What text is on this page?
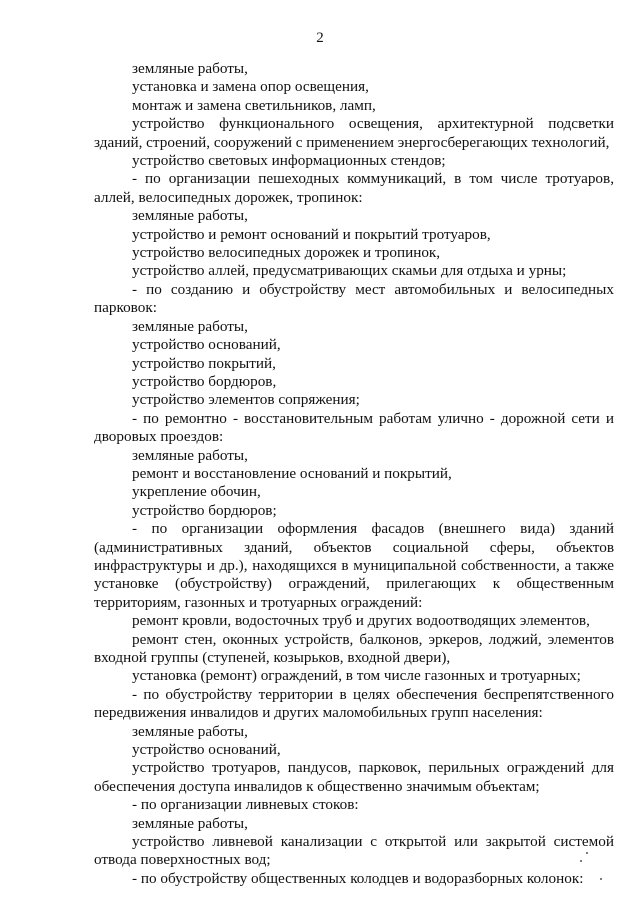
2

земляные работы,

установка и замена опор освещения,

монтаж и замена светильников, ламп,

устройство функционального освещения, архитектурной подсветки зданий, строений, сооружений с применением энергосберегающих технологий,

устройство световых информационных стендов;

- по организации пешеходных коммуникаций, в том числе тротуаров, аллей, велосипедных дорожек, тропинок:

земляные работы,

устройство и ремонт оснований и покрытий тротуаров,

устройство велосипедных дорожек и тропинок,

устройство аллей, предусматривающих скамьи для отдыха и урны;

- по созданию и обустройству мест автомобильных и велосипедных парковок:

земляные работы,

устройство оснований,

устройство покрытий,

устройство бордюров,

устройство элементов сопряжения;

- по ремонтно - восстановительным работам улично - дорожной сети и дворовых проездов:

земляные работы,

ремонт и восстановление оснований и покрытий,

укрепление обочин,

устройство бордюров;

- по организации оформления фасадов (внешнего вида) зданий (административных зданий, объектов социальной сферы, объектов инфраструктуры и др.), находящихся в муниципальной собственности, а также установке (обустройству) ограждений, прилегающих к общественным территориям, газонных и тротуарных ограждений:

ремонт кровли, водосточных труб и других водоотводящих элементов,

ремонт стен, оконных устройств, балконов, эркеров, лоджий, элементов входной группы (ступеней, козырьков, входной двери),

установка (ремонт) ограждений, в том числе газонных и тротуарных;

- по обустройству территории в целях обеспечения беспрепятственного передвижения инвалидов и других маломобильных групп населения:

земляные работы,

устройство оснований,

устройство тротуаров, пандусов, парковок, перильных ограждений для обеспечения доступа инвалидов к общественно значимым объектам;

- по организации ливневых стоков:

земляные работы,

устройство ливневой канализации с открытой или закрытой системой отвода поверхностных вод;

- по обустройству общественных колодцев и водоразборных колонок:
